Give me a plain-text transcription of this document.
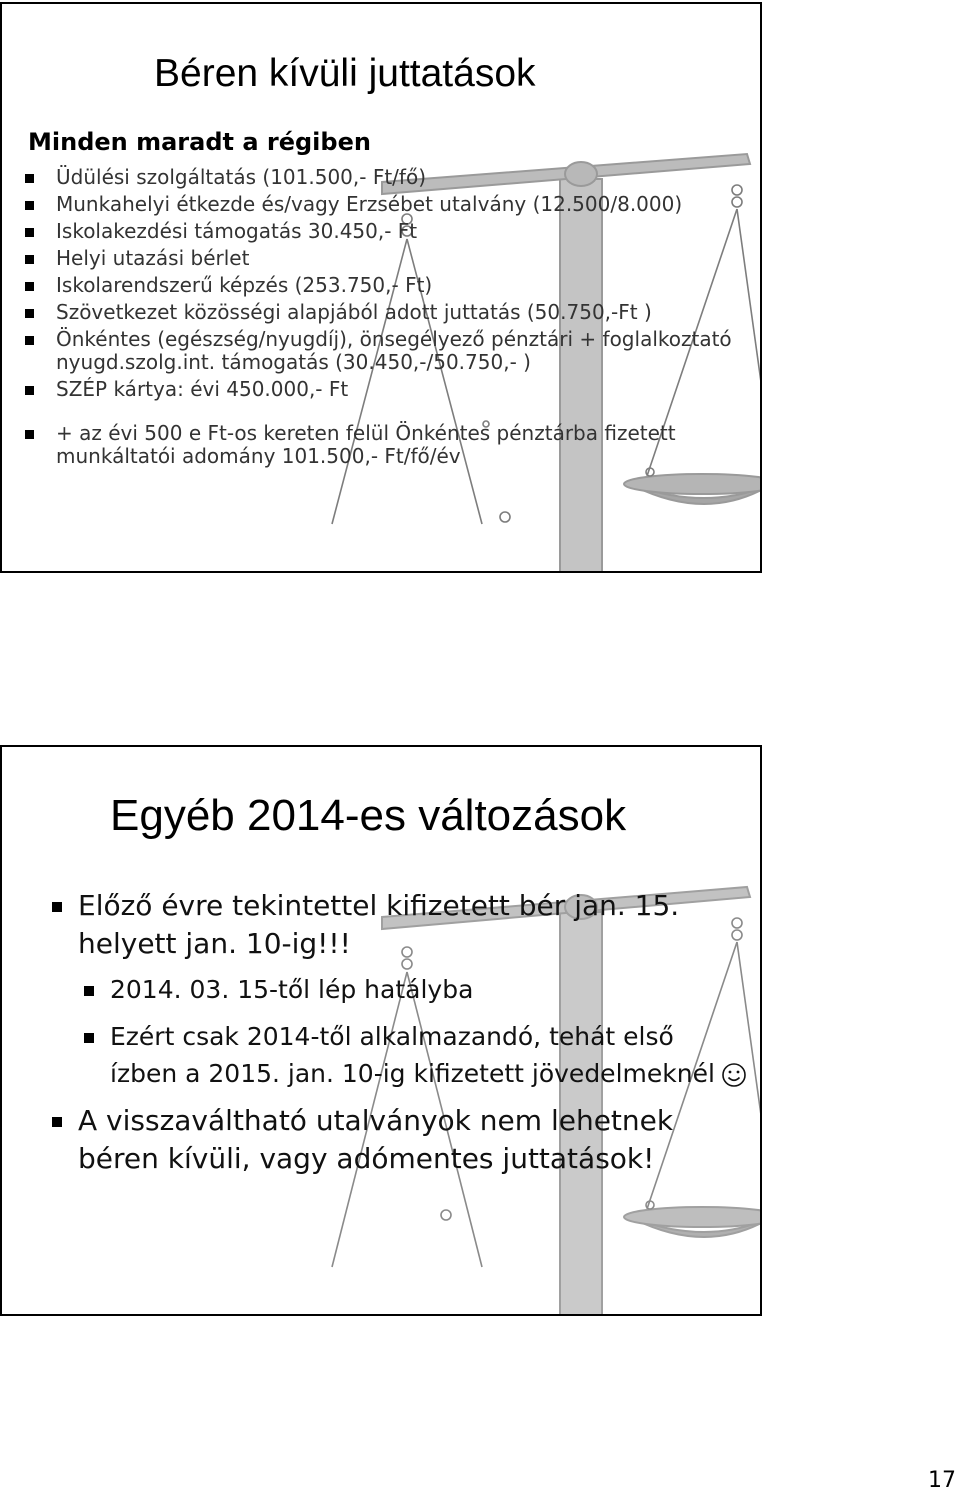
Béren kívüli juttatások
Minden maradt a régiben
Üdülési szolgáltatás (101.500,- Ft/fő)
Munkahelyi étkezde és/vagy Erzsébet utalvány (12.500/8.000)
Iskolakezdési támogatás 30.450,- Ft
Helyi utazási bérlet
Iskolarendszerű képzés (253.750,- Ft)
Szövetkezet közösségi alapjából adott juttatás (50.750,-Ft )
Önkéntes (egészség/nyugdíj), önsegélyező pénztári + foglalkoztató nyugd.szolg.int. támogatás (30.450,-/50.750,- )
SZÉP kártya: évi 450.000,- Ft
+ az évi 500 e Ft-os kereten felül Önkéntes pénztárba fizetett munkáltatói adomány 101.500,- Ft/fő/év
Egyéb 2014-es változások
Előző évre tekintettel kifizetett bér jan. 15. helyett jan. 10-ig!!!
2014. 03. 15-től lép hatályba
Ezért csak 2014-től alkalmazandó, tehát első ízben a 2015. jan. 10-ig kifizetett jövedelmeknél
A visszaváltható utalványok nem lehetnek béren kívüli, vagy adómentes juttatások!
17
